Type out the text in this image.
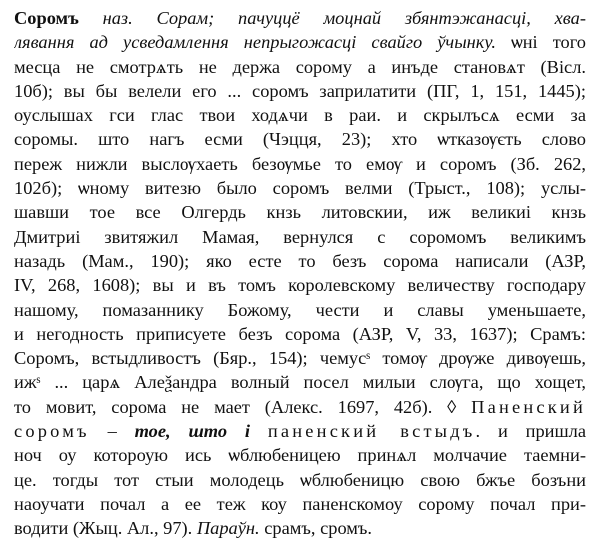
Соромъ наз. Сорам; пачуццё моцнай збянтэжанасці, хва-
лявання ад усведамлення непрыгожасці свайго ўчынку. ѡні того
месца не смотрѧть не держа сорому а инъде становѧт (Вісл.
10б); вы бы велели его ... соромъ заприлатити (ПГ, 1, 151, 1445);
оуслышах гси глас твои ходѧчи в раи. и скрылъсѧ есми за
соромы. што нагъ есми (Чэцця, 23); хто ѡтказѹєть слово
переж нижли выслѹхаеть безѹмье то емѹ и соромъ (Зб. 262,
102б); ѡному витезю было соромъ велми (Трыст., 108); услы-
шавши тое все Олгердь кнзь литовскии, иж великиі кнзь
Дмитриі звитяжил Мамая, вернулся с соромомъ великимъ
назадь (Мам., 190); яко есте то безъ сорома написали (АЗР,
IV, 268, 1608); вы и въ томъ королевскому величеству господару
нашому, помазаннику Божому, чести и славы уменьшаете,
и негодность приписуете безъ сорома (АЗР, V, 33, 1637); Срамъ:
Соромъ, встыдливостъ (Бяр., 154); чемусˢ томѹ дрѹже дивѹешь,
ижˢ ... царѧ Алеѯандра волный посел милыи слѹга, що хощет,
то мовит, сорома не мает (Алекс. 1697, 42б). ◊ Паненский
соромъ – тое, што і паненский встыдъ. и пришла
ноч оу котороую ись ѡблюбеницею принѧл молчачие таемни-
це. тогды тот стыи молодець ѡблюбеницю свою бжъе бозъни
наоучати почал а ее теж коу паненскомоу сорому почал при-
водити (Жыц. Ал., 97). Параўн. срамъ, сромъ.
